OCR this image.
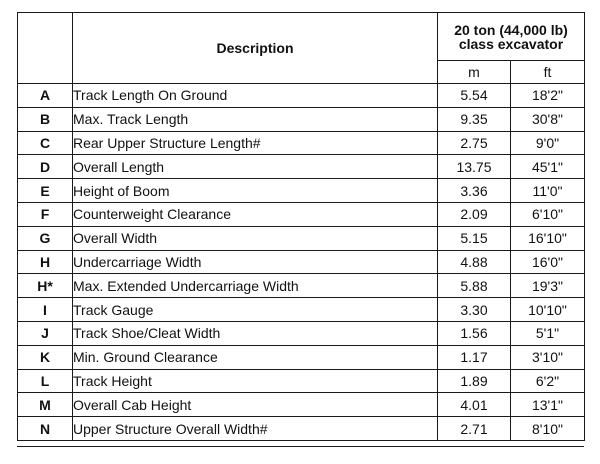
	Description	20 ton (44,000 lb)
class excavator	
		m	ft
A	Track Length On Ground	5.54	18'2"
B	Max. Track Length	9.35	30'8"
C	Rear Upper Structure Length#	2.75	9'0"
D	Overall Length	13.75	45'1"
E	Height of Boom	3.36	11'0"
F	Counterweight Clearance	2.09	6'10"
G	Overall Width	5.15	16'10"
H	Undercarriage Width	4.88	16'0"
H*	Max. Extended Undercarriage Width	5.88	19'3"
I	Track Gauge	3.30	10'10"
J	Track Shoe/Cleat Width	1.56	5'1"
K	Min. Ground Clearance	1.17	3'10"
L	Track Height	1.89	6'2"
M	Overall Cab Height	4.01	13'1"
N	Upper Structure Overall Width#	2.71	8'10"
